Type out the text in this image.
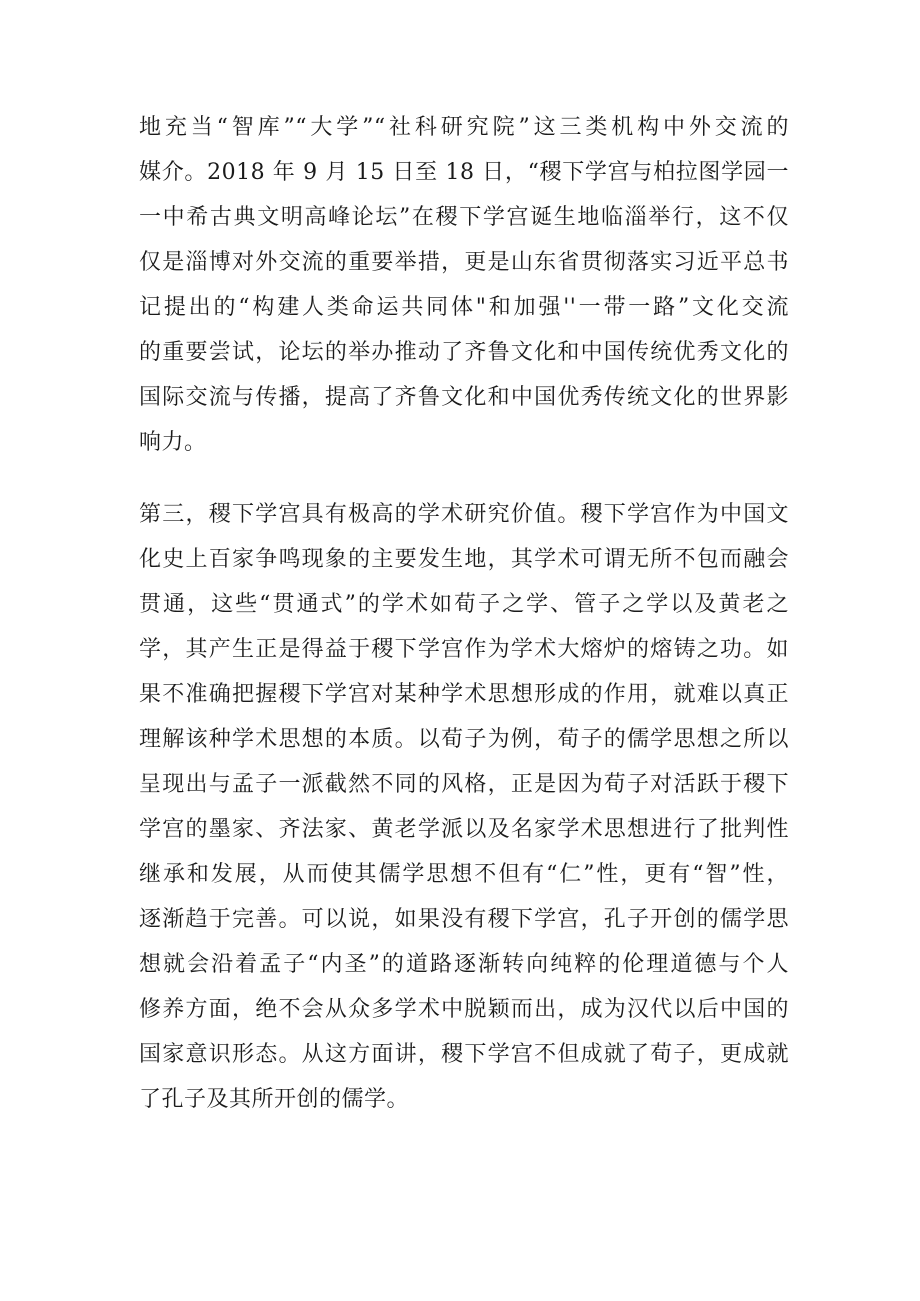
地充当“智库”“大学”“社科研究院”这三类机构中外交流的
媒介。2018 年 9 月 15 日至 18 日，“稷下学宫与柏拉图学园一
一中希古典文明高峰论坛”在稷下学宫诞生地临淄举行，这不仅
仅是淄博对外交流的重要举措，更是山东省贯彻落实习近平总书
记提出的“构建人类命运共同体"和加强''一带一路”文化交流
的重要尝试，论坛的举办推动了齐鲁文化和中国传统优秀文化的
国际交流与传播，提高了齐鲁文化和中国优秀传统文化的世界影
响力。
第三，稷下学宫具有极高的学术研究价值。稷下学宫作为中国文
化史上百家争鸣现象的主要发生地，其学术可谓无所不包而融会
贯通，这些“贯通式”的学术如荀子之学、管子之学以及黄老之
学，其产生正是得益于稷下学宫作为学术大熔炉的熔铸之功。如
果不准确把握稷下学宫对某种学术思想形成的作用，就难以真正
理解该种学术思想的本质。以荀子为例，荀子的儒学思想之所以
呈现出与孟子一派截然不同的风格，正是因为荀子对活跃于稷下
学宫的墨家、齐法家、黄老学派以及名家学术思想进行了批判性
继承和发展，从而使其儒学思想不但有“仁”性，更有“智”性，
逐渐趋于完善。可以说，如果没有稷下学宫，孔子开创的儒学思
想就会沿着孟子“内圣”的道路逐渐转向纯粹的伦理道德与个人
修养方面，绝不会从众多学术中脱颖而出，成为汉代以后中国的
国家意识形态。从这方面讲，稷下学宫不但成就了荀子，更成就
了孔子及其所开创的儒学。
